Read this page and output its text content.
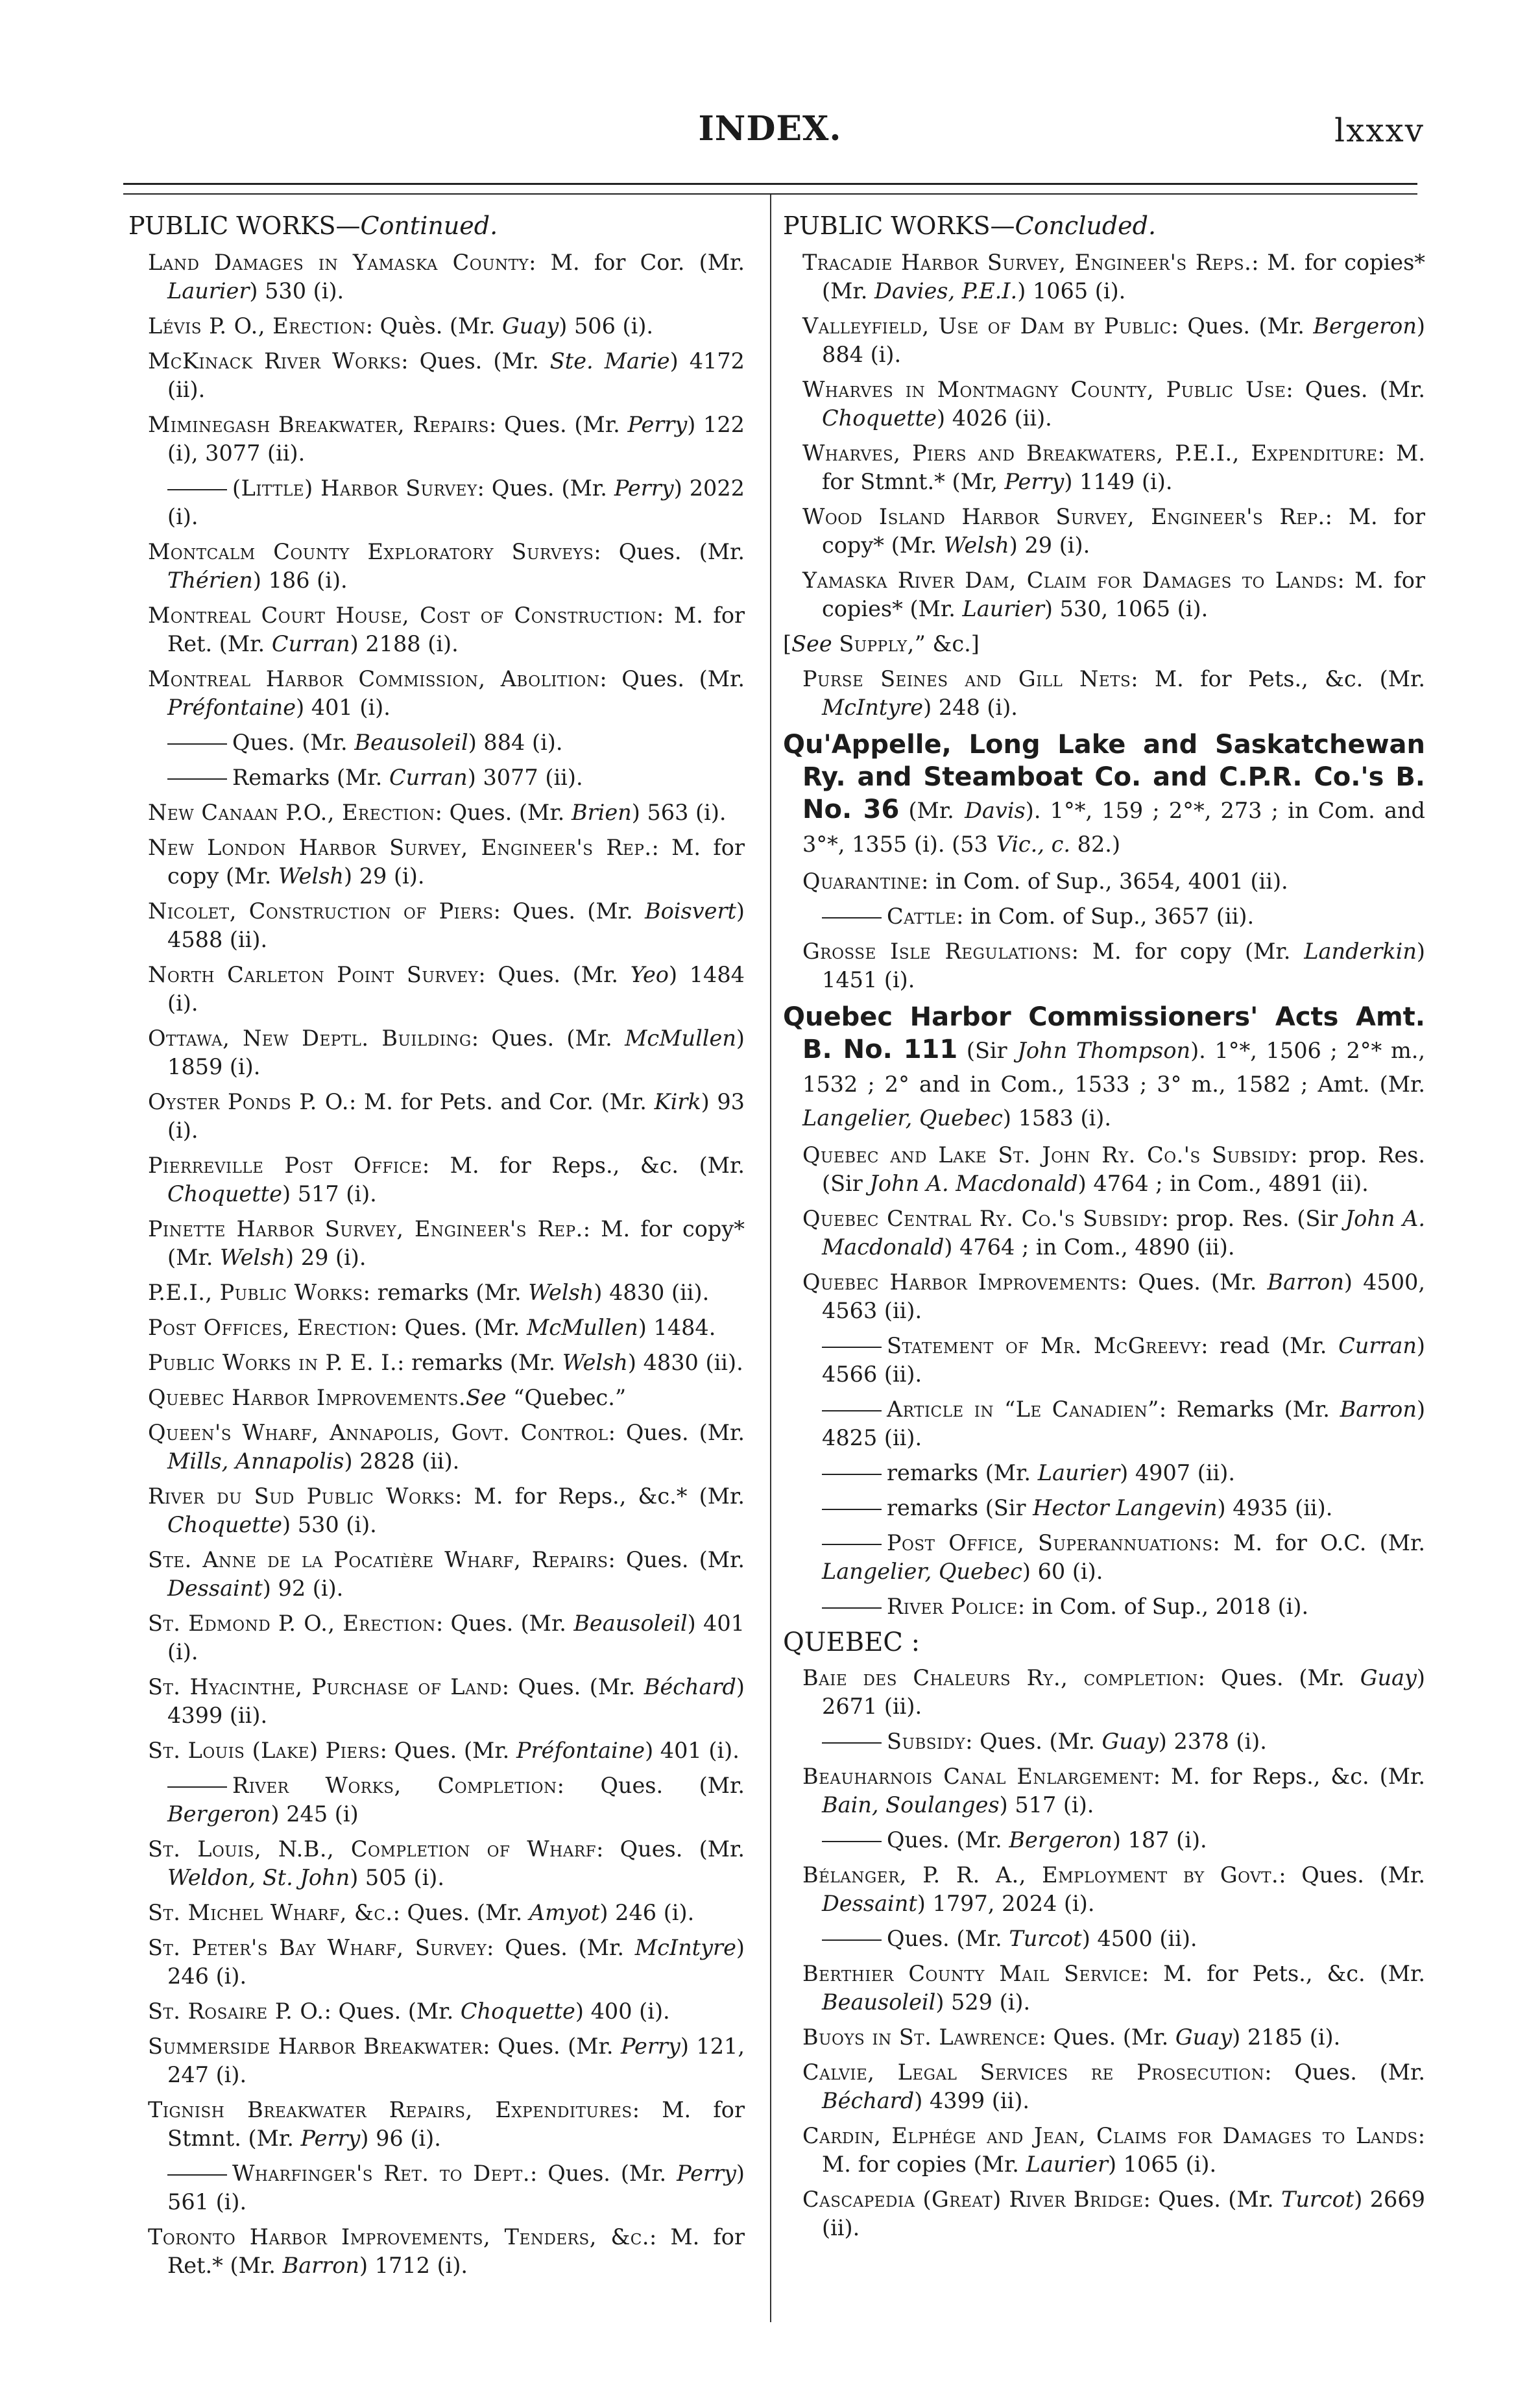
INDEX.	lxxxv
PUBLIC WORKS—Continued.
Land Damages in Yamaska County: M. for Cor. (Mr. Laurier) 530 (i).
Lévis P. O., Erection: Quès. (Mr. Guay) 506 (i).
McKinack River Works: Ques. (Mr. Ste. Marie) 4172 (ii).
Miminegash Breakwater, Repairs: Ques. (Mr. Perry) 122 (i), 3077 (ii).
(Little) Harbor Survey: Ques. (Mr. Perry) 2022 (i).
Montcalm County Exploratory Surveys: Ques. (Mr. Thérien) 186 (i).
Montreal Court House, Cost of Construction: M. for Ret. (Mr. Curran) 2188 (i).
Montreal Harbor Commission, Abolition: Ques. (Mr. Préfontaine) 401 (i).
Ques. (Mr. Beausoleil) 884 (i).
Remarks (Mr. Curran) 3077 (ii).
New Canaan P.O., Erection: Ques. (Mr. Brien) 563 (i).
New London Harbor Survey, Engineer's Rep.: M. for copy (Mr. Welsh) 29 (i).
Nicolet, Construction of Piers: Ques. (Mr. Boisvert) 4588 (ii).
North Carleton Point Survey: Ques. (Mr. Yeo) 1484 (i).
Ottawa, New Deptl. Building: Ques. (Mr. McMullen) 1859 (i).
Oyster Ponds P. O.: M. for Pets. and Cor. (Mr. Kirk) 93 (i).
Pierreville Post Office: M. for Reps., &c. (Mr. Choquette) 517 (i).
Pinette Harbor Survey, Engineer's Rep.: M. for copy* (Mr. Welsh) 29 (i).
P.E.I., Public Works: remarks (Mr. Welsh) 4830 (ii).
Post Offices, Erection: Ques. (Mr. McMullen) 1484.
Public Works in P. E. I.: remarks (Mr. Welsh) 4830 (ii).
Quebec Harbor Improvements.See “Quebec.”
Queen's Wharf, Annapolis, Govt. Control: Ques. (Mr. Mills, Annapolis) 2828 (ii).
River du Sud Public Works: M. for Reps., &c.* (Mr. Choquette) 530 (i).
Ste. Anne de la Pocatière Wharf, Repairs: Ques. (Mr. Dessaint) 92 (i).
St. Edmond P. O., Erection: Ques. (Mr. Beausoleil) 401 (i).
St. Hyacinthe, Purchase of Land: Ques. (Mr. Béchard) 4399 (ii).
St. Louis (Lake) Piers: Ques. (Mr. Préfontaine) 401 (i).
River Works, Completion: Ques. (Mr. Bergeron) 245 (i)
St. Louis, N.B., Completion of Wharf: Ques. (Mr. Weldon, St. John) 505 (i).
St. Michel Wharf, &c.: Ques. (Mr. Amyot) 246 (i).
St. Peter's Bay Wharf, Survey: Ques. (Mr. McIntyre) 246 (i).
St. Rosaire P. O.: Ques. (Mr. Choquette) 400 (i).
Summerside Harbor Breakwater: Ques. (Mr. Perry) 121, 247 (i).
Tignish Breakwater Repairs, Expenditures: M. for Stmnt. (Mr. Perry) 96 (i).
Wharfinger's Ret. to Dept.: Ques. (Mr. Perry) 561 (i).
Toronto Harbor Improvements, Tenders, &c.: M. for Ret.* (Mr. Barron) 1712 (i).
PUBLIC WORKS—Concluded.
Tracadie Harbor Survey, Engineer's Reps.: M. for copies* (Mr. Davies, P.E.I.) 1065 (i).
Valleyfield, Use of Dam by Public: Ques. (Mr. Bergeron) 884 (i).
Wharves in Montmagny County, Public Use: Ques. (Mr. Choquette) 4026 (ii).
Wharves, Piers and Breakwaters, P.E.I., Expenditure: M. for Stmnt.* (Mr, Perry) 1149 (i).
Wood Island Harbor Survey, Engineer's Rep.: M. for copy* (Mr. Welsh) 29 (i).
Yamaska River Dam, Claim for Damages to Lands: M. for copies* (Mr. Laurier) 530, 1065 (i).
[See Supply,” &c.]
Purse Seines and Gill Nets: M. for Pets., &c. (Mr. McIntyre) 248 (i).
Qu'Appelle, Long Lake and Saskatchewan Ry. and Steamboat Co. and C.P.R. Co.'s B. No. 36 (Mr. Davis). 1°*, 159 ; 2°*, 273 ; in Com. and 3°*, 1355 (i). (53 Vic., c. 82.)
Quarantine: in Com. of Sup., 3654, 4001 (ii).
Cattle: in Com. of Sup., 3657 (ii).
Grosse Isle Regulations: M. for copy (Mr. Landerkin) 1451 (i).
Quebec Harbor Commissioners' Acts Amt. B. No. 111 (Sir John Thompson). 1°*, 1506 ; 2°* m., 1532 ; 2° and in Com., 1533 ; 3° m., 1582 ; Amt. (Mr. Langelier, Quebec) 1583 (i).
Quebec and Lake St. John Ry. Co.'s Subsidy: prop. Res. (Sir John A. Macdonald) 4764 ; in Com., 4891 (ii).
Quebec Central Ry. Co.'s Subsidy: prop. Res. (Sir John A. Macdonald) 4764 ; in Com., 4890 (ii).
Quebec Harbor Improvements: Ques. (Mr. Barron) 4500, 4563 (ii).
Statement of Mr. McGreevy: read (Mr. Curran) 4566 (ii).
Article in “Le Canadien”: Remarks (Mr. Barron) 4825 (ii).
remarks (Mr. Laurier) 4907 (ii).
remarks (Sir Hector Langevin) 4935 (ii).
Post Office, Superannuations: M. for O.C. (Mr. Langelier, Quebec) 60 (i).
River Police: in Com. of Sup., 2018 (i).
QUEBEC :
Baie des Chaleurs Ry., completion: Ques. (Mr. Guay) 2671 (ii).
Subsidy: Ques. (Mr. Guay) 2378 (i).
Beauharnois Canal Enlargement: M. for Reps., &c. (Mr. Bain, Soulanges) 517 (i).
Ques. (Mr. Bergeron) 187 (i).
Bélanger, P. R. A., Employment by Govt.: Ques. (Mr. Dessaint) 1797, 2024 (i).
Ques. (Mr. Turcot) 4500 (ii).
Berthier County Mail Service: M. for Pets., &c. (Mr. Beausoleil) 529 (i).
Buoys in St. Lawrence: Ques. (Mr. Guay) 2185 (i).
Calvie, Legal Services re Prosecution: Ques. (Mr. Béchard) 4399 (ii).
Cardin, Elphége and Jean, Claims for Damages to Lands: M. for copies (Mr. Laurier) 1065 (i).
Cascapedia (Great) River Bridge: Ques. (Mr. Turcot) 2669 (ii).
